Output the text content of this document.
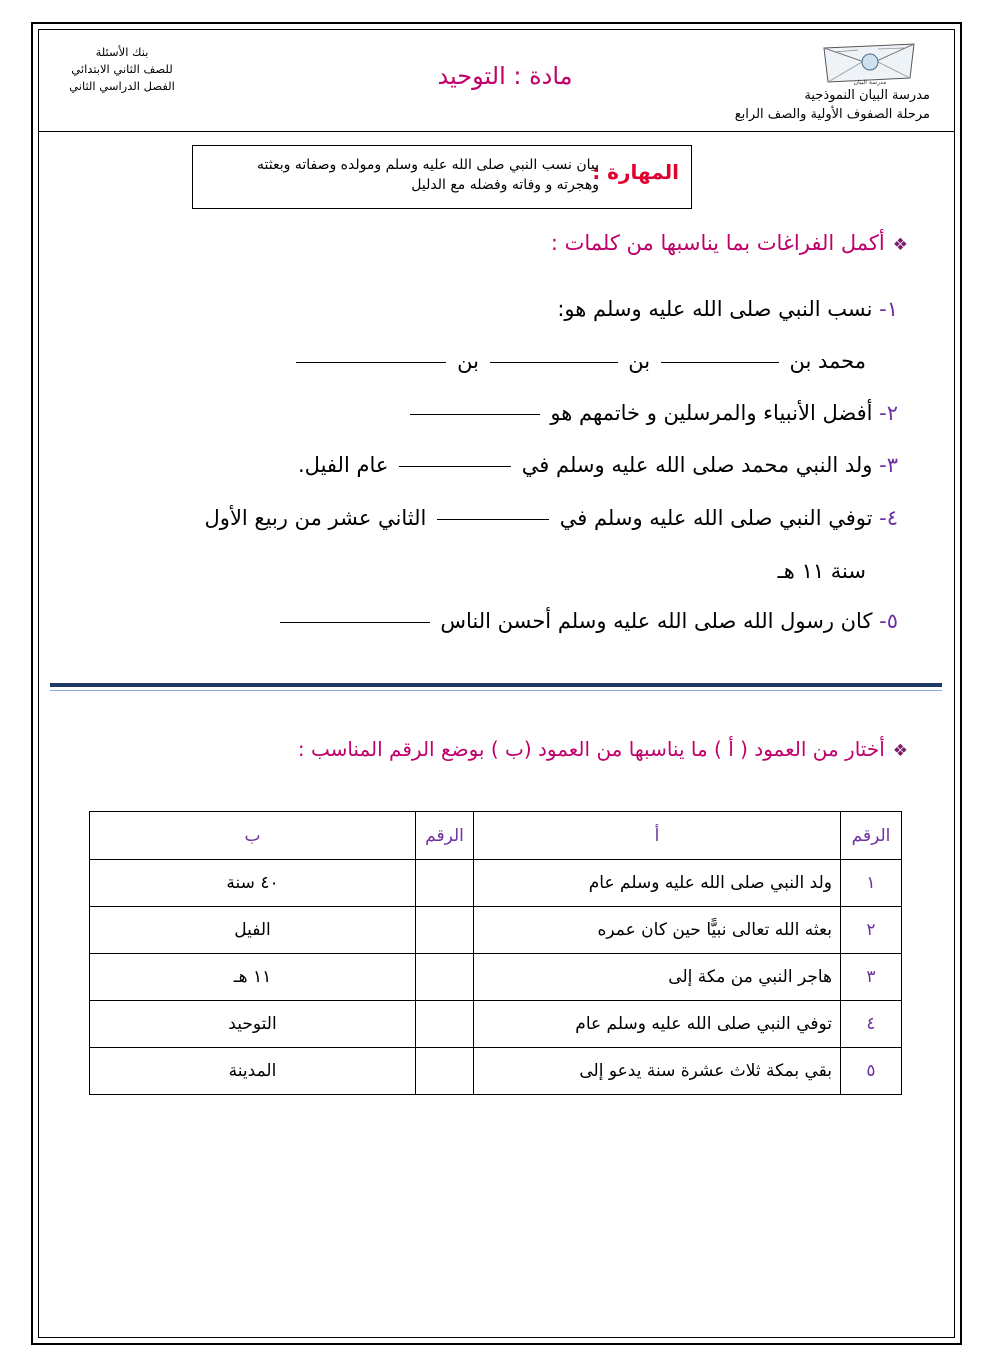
مدرسة البيان
مدرسة البيان النموذجية
مرحلة الصفوف الأولية والصف الرابع
مادة : التوحيد
بنك الأسئلة
للصف الثاني الابتدائي
الفصل الدراسي الثاني
المهارة :
بيان نسب النبي صلى الله عليه وسلم ومولده وصفاته وبعثته
وهجرته و وفاته وفضله مع الدليل
❖أكمل الفراغات بما يناسبها من كلمات :
١- نسب النبي صلى الله عليه وسلم هو:
محمد بن  بن  بن
٢- أفضل الأنبياء والمرسلين و خاتمهم هو
٣- ولد النبي محمد صلى الله عليه وسلم في  عام الفيل.
٤- توفي النبي صلى الله عليه وسلم في  الثاني عشر من ربيع الأول
سنة ١١ هـ
٥- كان رسول الله صلى الله عليه وسلم أحسن الناس
❖أختار من العمود ( أ ) ما يناسبها من العمود (ب ) بوضع الرقم المناسب :
الرقم	أ	الرقم	ب
١	ولد النبي صلى الله عليه وسلم عام		٤٠ سنة
٢	بعثه الله تعالى نبيًّا حين كان عمره		الفيل
٣	هاجر النبي من مكة إلى		١١ هـ
٤	توفي النبي صلى الله عليه وسلم عام		التوحيد
٥	بقي بمكة ثلاث عشرة سنة يدعو إلى		المدينة
